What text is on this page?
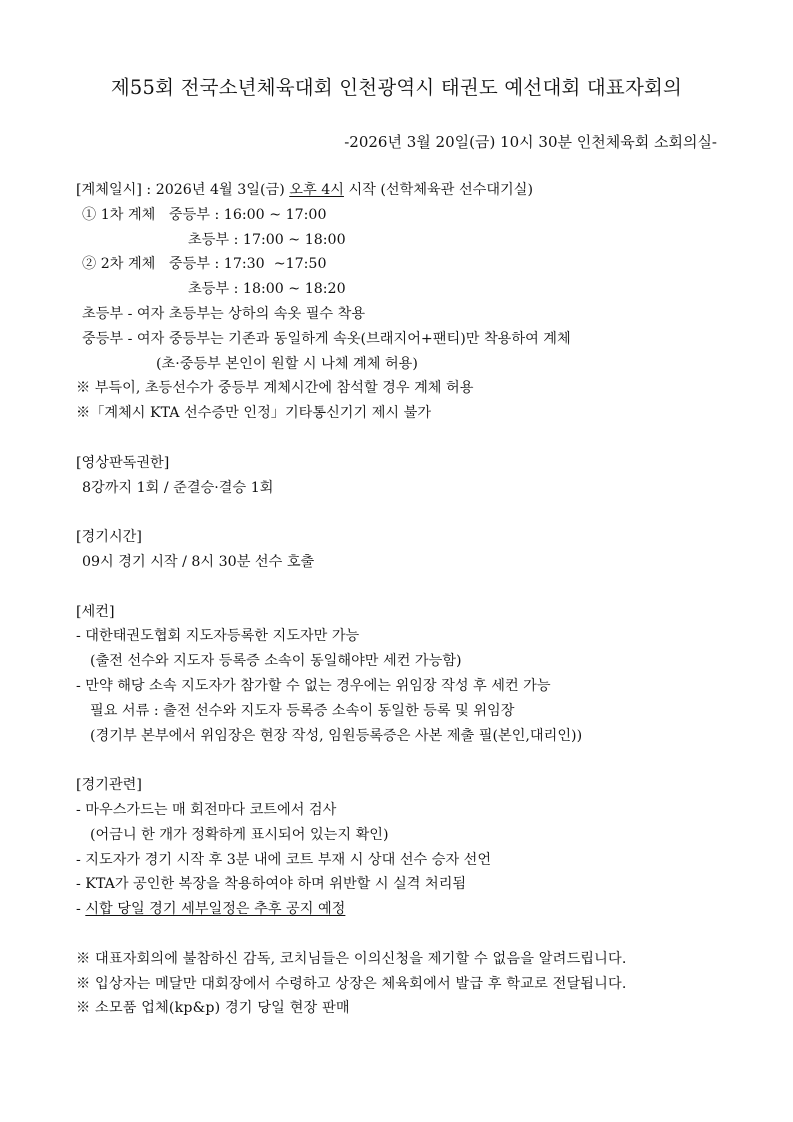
제55회 전국소년체육대회 인천광역시 태권도 예선대회 대표자회의
-2026년 3월 20일(금) 10시 30분 인천체육회 소회의실-
[계체일시] : 2026년 4월 3일(금) 오후 4시 시작 (선학체육관 선수대기실)
① 1차 계체   중등부 : 16:00 ~ 17:00
초등부 : 17:00 ~ 18:00
② 2차 계체   중등부 : 17:30  ~17:50
초등부 : 18:00 ~ 18:20
초등부 - 여자 초등부는 상하의 속옷 필수 착용
중등부 - 여자 중등부는 기존과 동일하게 속옷(브래지어+팬티)만 착용하여 계체
(초·중등부 본인이 원할 시 나체 계체 허용)
※ 부득이, 초등선수가 중등부 계체시간에 참석할 경우 계체 허용
※「계체시 KTA 선수증만 인정」기타통신기기 제시 불가
[영상판독권한]
8강까지 1회 / 준결승·결승 1회
[경기시간]
09시 경기 시작 / 8시 30분 선수 호출
[세컨]
- 대한태권도협회 지도자등록한 지도자만 가능
(출전 선수와 지도자 등록증 소속이 동일해야만 세컨 가능함)
- 만약 해당 소속 지도자가 참가할 수 없는 경우에는 위임장 작성 후 세컨 가능
필요 서류 : 출전 선수와 지도자 등록증 소속이 동일한 등록 및 위임장
(경기부 본부에서 위임장은 현장 작성, 임원등록증은 사본 제출 필(본인,대리인))
[경기관련]
- 마우스가드는 매 회전마다 코트에서 검사
(어금니 한 개가 정확하게 표시되어 있는지 확인)
- 지도자가 경기 시작 후 3분 내에 코트 부재 시 상대 선수 승자 선언
- KTA가 공인한 복장을 착용하여야 하며 위반할 시 실격 처리됨
- 시합 당일 경기 세부일정은 추후 공지 예정
※ 대표자회의에 불참하신 감독, 코치님들은 이의신청을 제기할 수 없음을 알려드립니다.
※ 입상자는 메달만 대회장에서 수령하고 상장은 체육회에서 발급 후 학교로 전달됩니다.
※ 소모품 업체(kp&p) 경기 당일 현장 판매
